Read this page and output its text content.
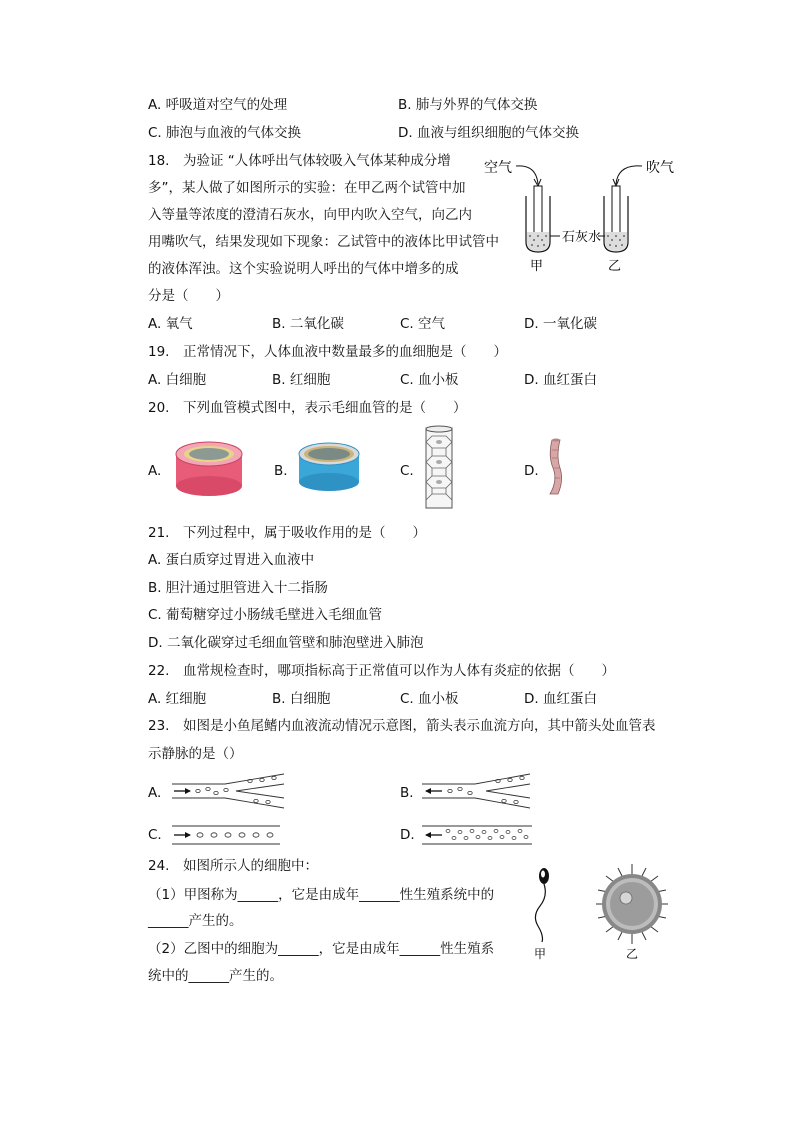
A. 呼吸道对空气的处理	B. 肺与外界的气体交换
C. 肺泡与血液的气体交换	D. 血液与组织细胞的气体交换
18.　为验证 “人体呼出气体较吸入气体某种成分增
多”，某人做了如图所示的实验：在甲乙两个试管中加
入等量等浓度的澄清石灰水，向甲内吹入空气，向乙内
用嘴吹气，结果发现如下现象：乙试管中的液体比甲试管中
的液体浑浊。这个实验说明人呼出的气体中增多的成
分是（　　）
空气	吹气
石灰水
甲	乙
A. 氧气	B. 二氧化碳	C. 空气	D. 一氧化碳
19.　正常情况下，人体血液中数量最多的血细胞是（　　）
A. 白细胞	B. 红细胞	C. 血小板	D. 血红蛋白
20.　下列血管模式图中，表示毛细血管的是（　　）
A.	B.	C.	D.
21.　下列过程中，属于吸收作用的是（　　）
A. 蛋白质穿过胃进入血液中
B. 胆汁通过胆管进入十二指肠
C. 葡萄糖穿过小肠绒毛壁进入毛细血管
D. 二氧化碳穿过毛细血管壁和肺泡壁进入肺泡
22.　血常规检查时，哪项指标高于正常值可以作为人体有炎症的依据（　　）
A. 红细胞	B. 白细胞	C. 血小板	D. 血红蛋白
23.　如图是小鱼尾鳍内血液流动情况示意图，箭头表示血流方向，其中箭头处血管表
示静脉的是（）
A.	B.
C.	D.
24.　如图所示人的细胞中：
（1）甲图称为______，它是由成年______性生殖系统中的
______产生的。
（2）乙图中的细胞为______，它是由成年______性生殖系
统中的______产生的。
甲	乙
